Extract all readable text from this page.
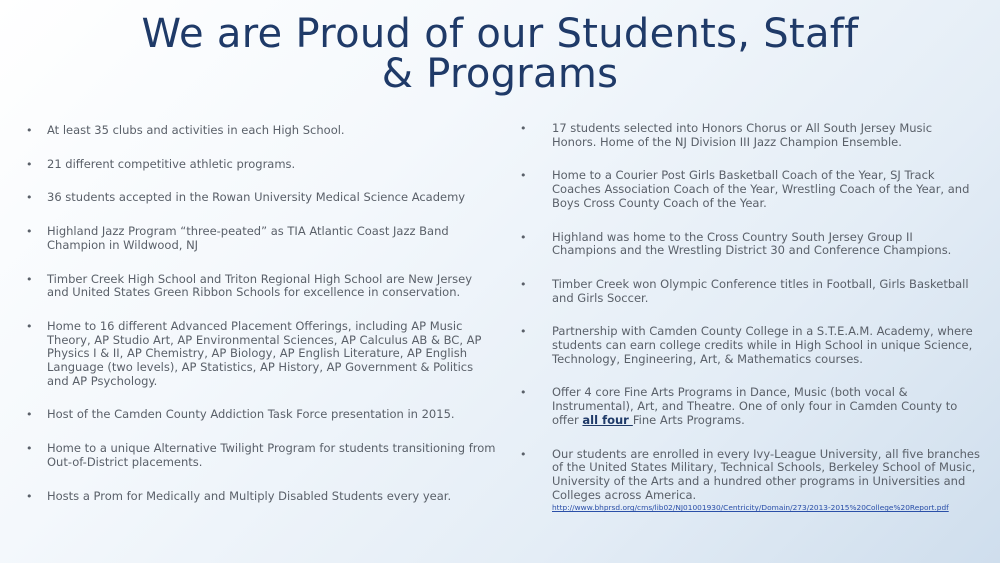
We are Proud of our Students, Staff
& Programs
• At least 35 clubs and activities in each High School.
• 21 different competitive athletic programs.
• 36 students accepted in the Rowan University Medical Science Academy
• Highland Jazz Program “three-peated” as TIA Atlantic Coast Jazz Band Champion in Wildwood, NJ
• Timber Creek High School and Triton Regional High School are New Jersey and United States Green Ribbon Schools for excellence in conservation.
• Home to 16 different Advanced Placement Offerings, including AP Music Theory, AP Studio Art, AP Environmental Sciences, AP Calculus AB & BC, AP Physics I & II, AP Chemistry, AP Biology, AP English Literature, AP English Language (two levels), AP Statistics, AP History, AP Government & Politics and AP Psychology.
• Host of the Camden County Addiction Task Force presentation in 2015.
• Home to a unique Alternative Twilight Program for students transitioning from Out-of-District placements.
• Hosts a Prom for Medically and Multiply Disabled Students every year.
• 17 students selected into Honors Chorus or All South Jersey Music Honors. Home of the NJ Division III Jazz Champion Ensemble.
• Home to a Courier Post Girls Basketball Coach of the Year, SJ Track Coaches Association Coach of the Year, Wrestling Coach of the Year, and Boys Cross County Coach of the Year.
• Highland was home to the Cross Country South Jersey Group II Champions and the Wrestling District 30 and Conference Champions.
• Timber Creek won Olympic Conference titles in Football, Girls Basketball and Girls Soccer.
• Partnership with Camden County College in a S.T.E.A.M. Academy, where students can earn college credits while in High School in unique Science, Technology, Engineering, Art, & Mathematics courses.
• Offer 4 core Fine Arts Programs in Dance, Music (both vocal & Instrumental), Art, and Theatre. One of only four in Camden County to offer all four Fine Arts Programs.
• Our students are enrolled in every Ivy-League University, all five branches of the United States Military, Technical Schools, Berkeley School of Music, University of the Arts and a hundred other programs in Universities and Colleges across America.
http://www.bhprsd.org/cms/lib02/NJ01001930/Centricity/Domain/273/2013-2015%20College%20Report.pdf
